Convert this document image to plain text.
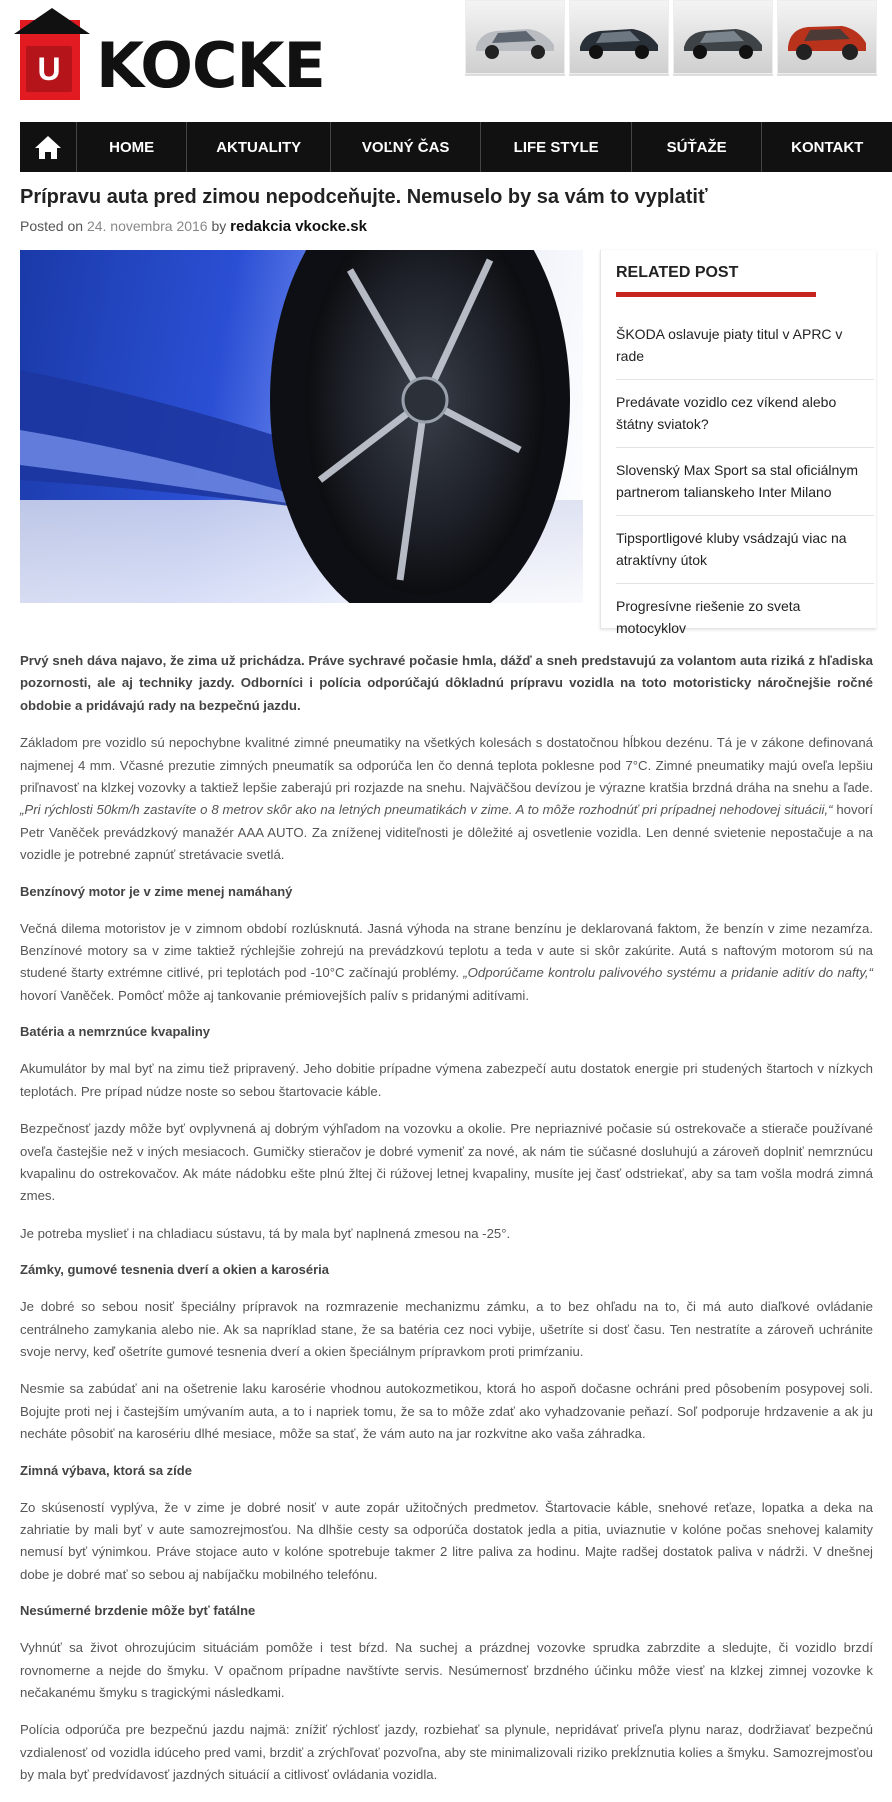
U KOCKE
HOME	AKTUALITY	VOĽNÝ ČAS	LIFE STYLE	SÚŤAŽE	KONTAKT
Prípravu auta pred zimou nepodceňujte. Nemuselo by sa vám to vyplatiť
Posted on 24. novembra 2016 by redakcia vkocke.sk
RELATED POST
ŠKODA oslavuje piaty titul v APRC v rade
Predávate vozidlo cez víkend alebo štátny sviatok?
Slovenský Max Sport sa stal oficiálnym partnerom talianskeho Inter Milano
Tipsportligové kluby vsádzajú viac na atraktívny útok
Progresívne riešenie zo sveta motocyklov

Prvý sneh dáva najavo, že zima už prichádza. Práve sychravé počasie hmla, dážď a sneh predstavujú za volantom auta riziká z hľadiska pozornosti, ale aj techniky jazdy. Odborníci i polícia odporúčajú dôkladnú prípravu vozidla na toto motoristicky náročnejšie ročné obdobie a pridávajú rady na bezpečnú jazdu.

Základom pre vozidlo sú nepochybne kvalitné zimné pneumatiky na všetkých kolesách s dostatočnou hĺbkou dezénu. Tá je v zákone definovaná najmenej 4 mm. Včasné prezutie zimných pneumatík sa odporúča len čo denná teplota poklesne pod 7°C. Zimné pneumatiky majú oveľa lepšiu priľnavosť na klzkej vozovky a taktiež lepšie zaberajú pri rozjazde na snehu. Najväčšou devízou je výrazne kratšia brzdná dráha na snehu a ľade. „Pri rýchlosti 50km/h zastavíte o 8 metrov skôr ako na letných pneumatikách v zime. A to môže rozhodnúť pri prípadnej nehodovej situácii,“ hovorí Petr Vaněček prevádzkový manažér AAA AUTO. Za zníženej viditeľnosti je dôležité aj osvetlenie vozidla. Len denné svietenie nepostačuje a na vozidle je potrebné zapnúť stretávacie svetlá.

Benzínový motor je v zime menej namáhaný

Večná dilema motoristov je v zimnom období rozlúsknutá. Jasná výhoda na strane benzínu je deklarovaná faktom, že benzín v zime nezamŕza. Benzínové motory sa v zime taktiež rýchlejšie zohrejú na prevádzkovú teplotu a teda v aute si skôr zakúrite. Autá s naftovým motorom sú na studené štarty extrémne citlivé, pri teplotách pod -10°C začínajú problémy. „Odporúčame kontrolu palivového systému a pridanie aditív do nafty,“ hovorí Vaněček. Pomôcť môže aj tankovanie prémiovejších palív s pridanými aditívami.

Batéria a nemrznúce kvapaliny

Akumulátor by mal byť na zimu tiež pripravený. Jeho dobitie prípadne výmena zabezpečí autu dostatok energie pri studených štartoch v nízkych teplotách. Pre prípad núdze noste so sebou štartovacie káble.

Bezpečnosť jazdy môže byť ovplyvnená aj dobrým výhľadom na vozovku a okolie. Pre nepriaznivé počasie sú ostrekovače a stierače používané oveľa častejšie než v iných mesiacoch. Gumičky stieračov je dobré vymeniť za nové, ak nám tie súčasné dosluhujú a zároveň doplniť nemrznúcu kvapalinu do ostrekovačov. Ak máte nádobku ešte plnú žltej či rúžovej letnej kvapaliny, musíte jej časť odstriekať, aby sa tam vošla modrá zimná zmes.

Je potreba myslieť i na chladiacu sústavu, tá by mala byť naplnená zmesou na -25°.

Zámky, gumové tesnenia dverí a okien a karoséria

Je dobré so sebou nosiť špeciálny prípravok na rozmrazenie mechanizmu zámku, a to bez ohľadu na to, či má auto diaľkové ovládanie centrálneho zamykania alebo nie. Ak sa napríklad stane, že sa batéria cez noci vybije, ušetríte si dosť času. Ten nestratíte a zároveň uchránite svoje nervy, keď ošetríte gumové tesnenia dverí a okien špeciálnym prípravkom proti primŕzaniu.

Nesmie sa zabúdať ani na ošetrenie laku karosérie vhodnou autokozmetikou, ktorá ho aspoň dočasne ochráni pred pôsobením posypovej soli. Bojujte proti nej i častejším umývaním auta, a to i napriek tomu, že sa to môže zdať ako vyhadzovanie peňazí. Soľ podporuje hrdzavenie a ak ju necháte pôsobiť na karosériu dlhé mesiace, môže sa stať, že vám auto na jar rozkvitne ako vaša záhradka.

Zimná výbava, ktorá sa zíde

Zo skúseností vyplýva, že v zime je dobré nosiť v aute zopár užitočných predmetov. Štartovacie káble, snehové reťaze, lopatka a deka na zahriatie by mali byť v aute samozrejmosťou. Na dlhšie cesty sa odporúča dostatok jedla a pitia, uviaznutie v kolóne počas snehovej kalamity nemusí byť výnimkou. Práve stojace auto v kolóne spotrebuje takmer 2 litre paliva za hodinu. Majte radšej dostatok paliva v nádrži. V dnešnej dobe je dobré mať so sebou aj nabíjačku mobilného telefónu.

Nesúmerné brzdenie môže byť fatálne

Vyhnúť sa život ohrozujúcim situáciám pomôže i test bŕzd. Na suchej a prázdnej vozovke sprudka zabrzdite a sledujte, či vozidlo brzdí rovnomerne a nejde do šmyku. V opačnom prípadne navštívte servis. Nesúmernosť brzdného účinku môže viesť na klzkej zimnej vozovke k nečakanému šmyku s tragickými následkami.

Polícia odporúča pre bezpečnú jazdu najmä: znížiť rýchlosť jazdy, rozbiehať sa plynule, nepridávať priveľa plynu naraz, dodržiavať bezpečnú vzdialenosť od vozidla idúceho pred vami, brzdiť a zrýchľovať pozvoľna, aby ste minimalizovali riziko prekĺznutia kolies a šmyku. Samozrejmosťou by mala byť predvídavosť jazdných situácií a citlivosť ovládania vozidla.
